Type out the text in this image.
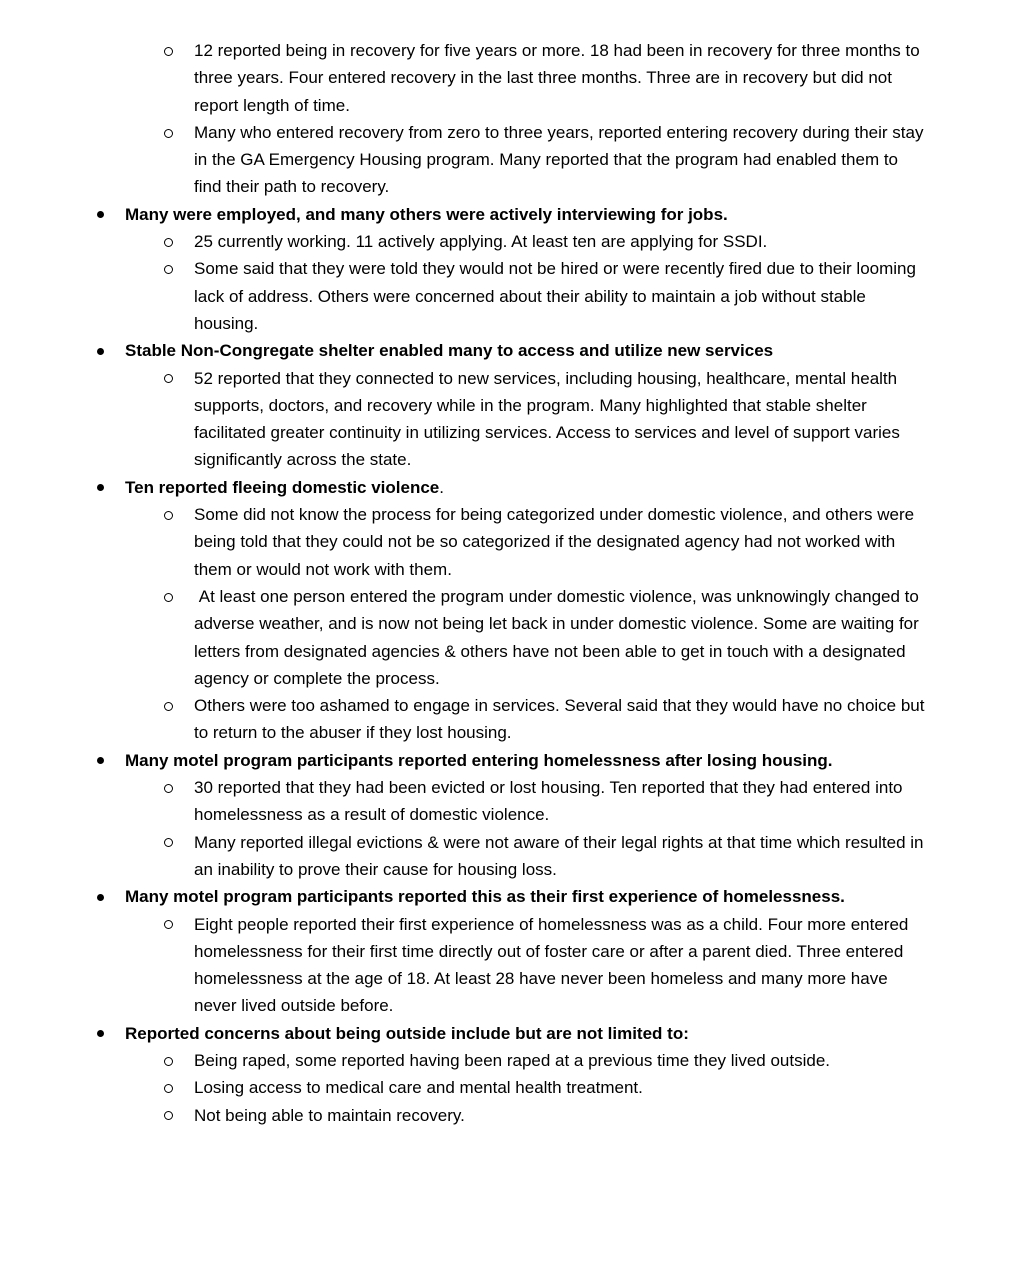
12 reported being in recovery for five years or more. 18 had been in recovery for three months to three years. Four entered recovery in the last three months. Three are in recovery but did not report length of time.
Many who entered recovery from zero to three years, reported entering recovery during their stay in the GA Emergency Housing program. Many reported that the program had enabled them to find their path to recovery.
Many were employed, and many others were actively interviewing for jobs.
25 currently working. 11 actively applying. At least ten are applying for SSDI.
Some said that they were told they would not be hired or were recently fired due to their looming lack of address. Others were concerned about their ability to maintain a job without stable housing.
Stable Non-Congregate shelter enabled many to access and utilize new services
52 reported that they connected to new services, including housing, healthcare, mental health supports, doctors, and recovery while in the program. Many highlighted that stable shelter facilitated greater continuity in utilizing services. Access to services and level of support varies significantly across the state.
Ten reported fleeing domestic violence.
Some did not know the process for being categorized under domestic violence, and others were being told that they could not be so categorized if the designated agency had not worked with them or would not work with them.
At least one person entered the program under domestic violence, was unknowingly changed to adverse weather, and is now not being let back in under domestic violence. Some are waiting for letters from designated agencies & others have not been able to get in touch with a designated agency or complete the process.
Others were too ashamed to engage in services. Several said that they would have no choice but to return to the abuser if they lost housing.
Many motel program participants reported entering homelessness after losing housing.
30 reported that they had been evicted or lost housing. Ten reported that they had entered into homelessness as a result of domestic violence.
Many reported illegal evictions & were not aware of their legal rights at that time which resulted in an inability to prove their cause for housing loss.
Many motel program participants reported this as their first experience of homelessness.
Eight people reported their first experience of homelessness was as a child. Four more entered homelessness for their first time directly out of foster care or after a parent died. Three entered homelessness at the age of 18. At least 28 have never been homeless and many more have never lived outside before.
Reported concerns about being outside include but are not limited to:
Being raped, some reported having been raped at a previous time they lived outside.
Losing access to medical care and mental health treatment.
Not being able to maintain recovery.
